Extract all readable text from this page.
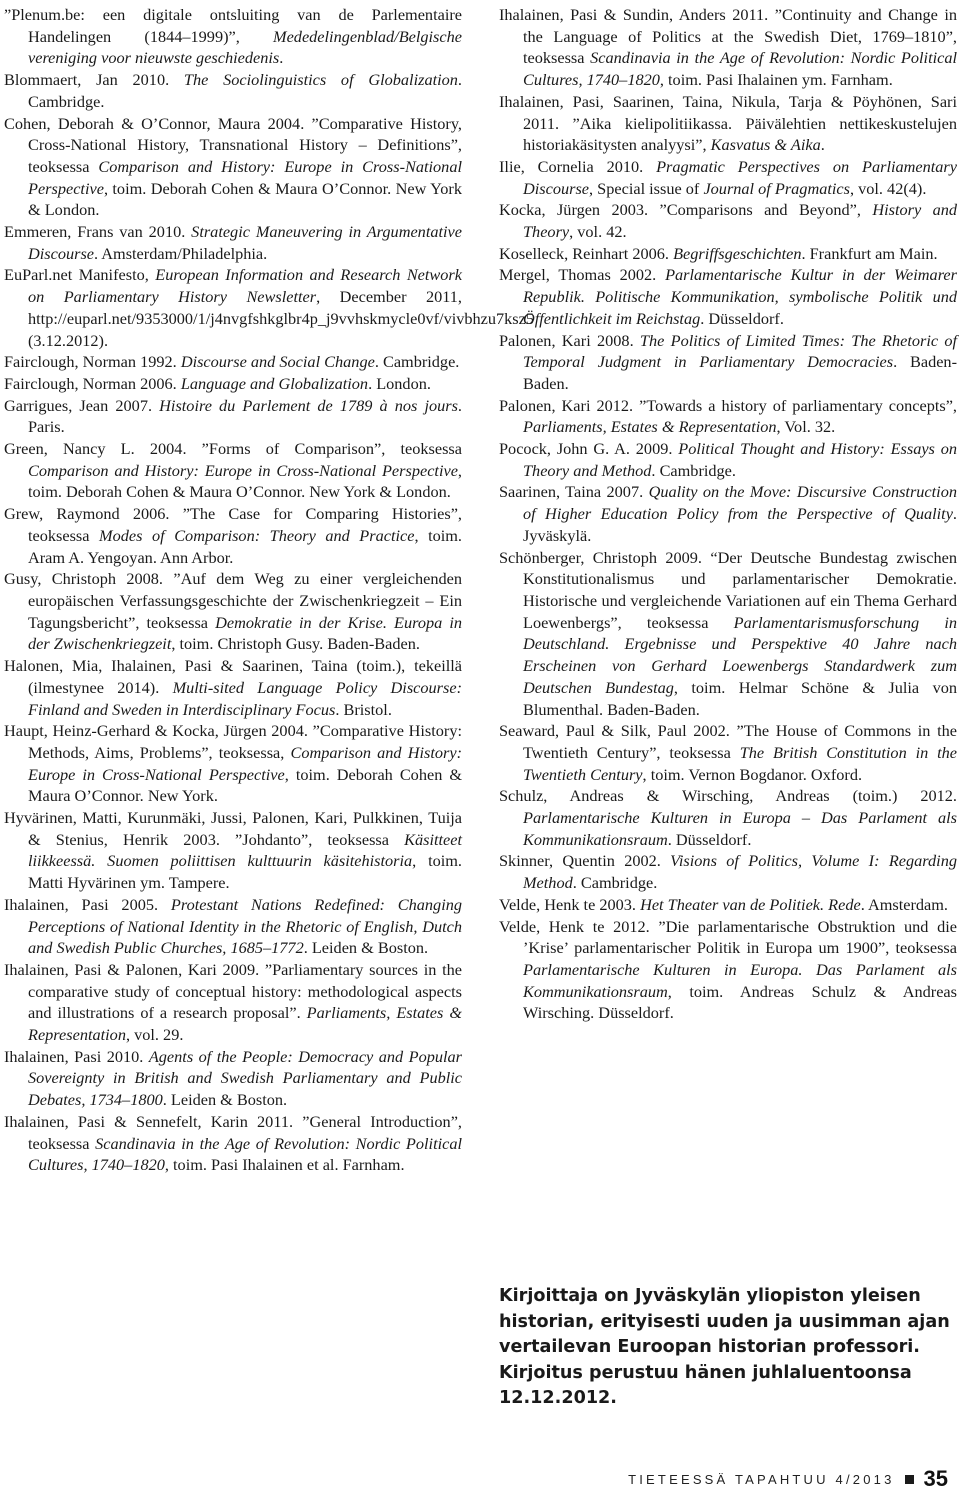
”Plenum.be: een digitale ontsluiting van de Parlementaire Handelingen (1844–1999)”, Mededelingenblad/Belgische vereniging voor nieuwste geschiedenis.

Blommaert, Jan 2010. The Sociolinguistics of Globalization. Cambridge.

Cohen, Deborah & O’Connor, Maura 2004. ”Comparative History, Cross-National History, Transnational History – Definitions”, teoksessa Comparison and History: Europe in Cross-National Perspective, toim. Deborah Cohen & Maura O’Connor. New York & London.

Emmeren, Frans van 2010. Strategic Maneuvering in Argumentative Discourse. Amsterdam/Philadelphia.

EuParl.net Manifesto, European Information and Research Network on Parliamentary History Newsletter, December 2011, http://euparl.net/9353000/1/j4nvgfshkglbr4p_j9vvhskmycle0vf/vivbhzu7ksz5 (3.12.2012).

Fairclough, Norman 1992. Discourse and Social Change. Cambridge.

Fairclough, Norman 2006. Language and Globalization. London.

Garrigues, Jean 2007. Histoire du Parlement de 1789 à nos jours. Paris.

Green, Nancy L. 2004. ”Forms of Comparison”, teoksessa Comparison and History: Europe in Cross-National Perspective, toim. Deborah Cohen & Maura O’Connor. New York & London.

Grew, Raymond 2006. ”The Case for Comparing Histories”, teoksessa Modes of Comparison: Theory and Practice, toim. Aram A. Yengoyan. Ann Arbor.

Gusy, Christoph 2008. ”Auf dem Weg zu einer vergleichenden europäischen Verfassungsgeschichte der Zwischenkriegzeit – Ein Tagungsbericht”, teoksessa Demokratie in der Krise. Europa in der Zwischenkriegzeit, toim. Christoph Gusy. Baden-Baden.

Halonen, Mia, Ihalainen, Pasi & Saarinen, Taina (toim.), tekeillä (ilmestynee 2014). Multi-sited Language Policy Discourse: Finland and Sweden in Interdisciplinary Focus. Bristol.

Haupt, Heinz-Gerhard & Kocka, Jürgen 2004. ”Comparative History: Methods, Aims, Problems”, teoksessa, Comparison and History: Europe in Cross-National Perspective, toim. Deborah Cohen & Maura O’Connor. New York.

Hyvärinen, Matti, Kurunmäki, Jussi, Palonen, Kari, Pulkkinen, Tuija & Stenius, Henrik 2003. ”Johdanto”, teoksessa Käsitteet liikkeessä. Suomen poliittisen kulttuurin käsitehistoria, toim. Matti Hyvärinen ym. Tampere.

Ihalainen, Pasi 2005. Protestant Nations Redefined: Changing Perceptions of National Identity in the Rhetoric of English, Dutch and Swedish Public Churches, 1685–1772. Leiden & Boston.

Ihalainen, Pasi & Palonen, Kari 2009. ”Parliamentary sources in the comparative study of conceptual history: methodological aspects and illustrations of a research proposal”. Parliaments, Estates & Representation, vol. 29.

Ihalainen, Pasi 2010. Agents of the People: Democracy and Popular Sovereignty in British and Swedish Parliamentary and Public Debates, 1734–1800. Leiden & Boston.

Ihalainen, Pasi & Sennefelt, Karin 2011. ”General Introduction”, teoksessa Scandinavia in the Age of Revolution: Nordic Political Cultures, 1740–1820, toim. Pasi Ihalainen et al. Farnham.

Ihalainen, Pasi & Sundin, Anders 2011. ”Continuity and Change in the Language of Politics at the Swedish Diet, 1769–1810”, teoksessa Scandinavia in the Age of Revolution: Nordic Political Cultures, 1740–1820, toim. Pasi Ihalainen ym. Farnham.

Ihalainen, Pasi, Saarinen, Taina, Nikula, Tarja & Pöyhönen, Sari 2011. ”Aika kielipolitiikassa. Päivälehtien nettikeskustelujen historiakäsitysten analyysi”, Kasvatus & Aika.

Ilie, Cornelia 2010. Pragmatic Perspectives on Parliamentary Discourse, Special issue of Journal of Pragmatics, vol. 42(4).

Kocka, Jürgen 2003. ”Comparisons and Beyond”, History and Theory, vol. 42.

Koselleck, Reinhart 2006. Begriffsgeschichten. Frankfurt am Main.

Mergel, Thomas 2002. Parlamentarische Kultur in der Weimarer Republik. Politische Kommunikation, symbolische Politik und Öffentlichkeit im Reichstag. Düsseldorf.

Palonen, Kari 2008. The Politics of Limited Times: The Rhetoric of Temporal Judgment in Parliamentary Democracies. Baden-Baden.

Palonen, Kari 2012. ”Towards a history of parliamentary concepts”, Parliaments, Estates & Representation, Vol. 32.

Pocock, John G. A. 2009. Political Thought and History: Essays on Theory and Method. Cambridge.

Saarinen, Taina 2007. Quality on the Move: Discursive Construction of Higher Education Policy from the Perspective of Quality. Jyväskylä.

Schönberger, Christoph 2009. “Der Deutsche Bundestag zwischen Konstitutionalismus und parlamentarischer Demokratie. Historische und vergleichende Variationen auf ein Thema Gerhard Loewenbergs”, teoksessa Parlamentarismusforschung in Deutschland. Ergebnisse und Perspektive 40 Jahre nach Erscheinen von Gerhard Loewenbergs Standardwerk zum Deutschen Bundestag, toim. Helmar Schöne & Julia von Blumenthal. Baden-Baden.

Seaward, Paul & Silk, Paul 2002. ”The House of Commons in the Twentieth Century”, teoksessa The British Constitution in the Twentieth Century, toim. Vernon Bogdanor. Oxford.

Schulz, Andreas & Wirsching, Andreas (toim.) 2012. Parlamentarische Kulturen in Europa – Das Parlament als Kommunikationsraum. Düsseldorf.

Skinner, Quentin 2002. Visions of Politics, Volume I: Regarding Method. Cambridge.

Velde, Henk te 2003. Het Theater van de Politiek. Rede. Amsterdam.

Velde, Henk te 2012. ”Die parlamentarische Obstruktion und die ’Krise’ parlamentarischer Politik in Europa um 1900”, teoksessa Parlamentarische Kulturen in Europa. Das Parlament als Kommunikationsraum, toim. Andreas Schulz & Andreas Wirsching. Düsseldorf.

Kirjoittaja on Jyväskylän yliopiston yleisen historian, erityisesti uuden ja uusimman ajan vertailevan Euroopan historian professori. Kirjoitus perustuu hänen juhlaluentoonsa 12.12.2012.

TIETEESSÄ TAPAHTUU 4/2013 35
